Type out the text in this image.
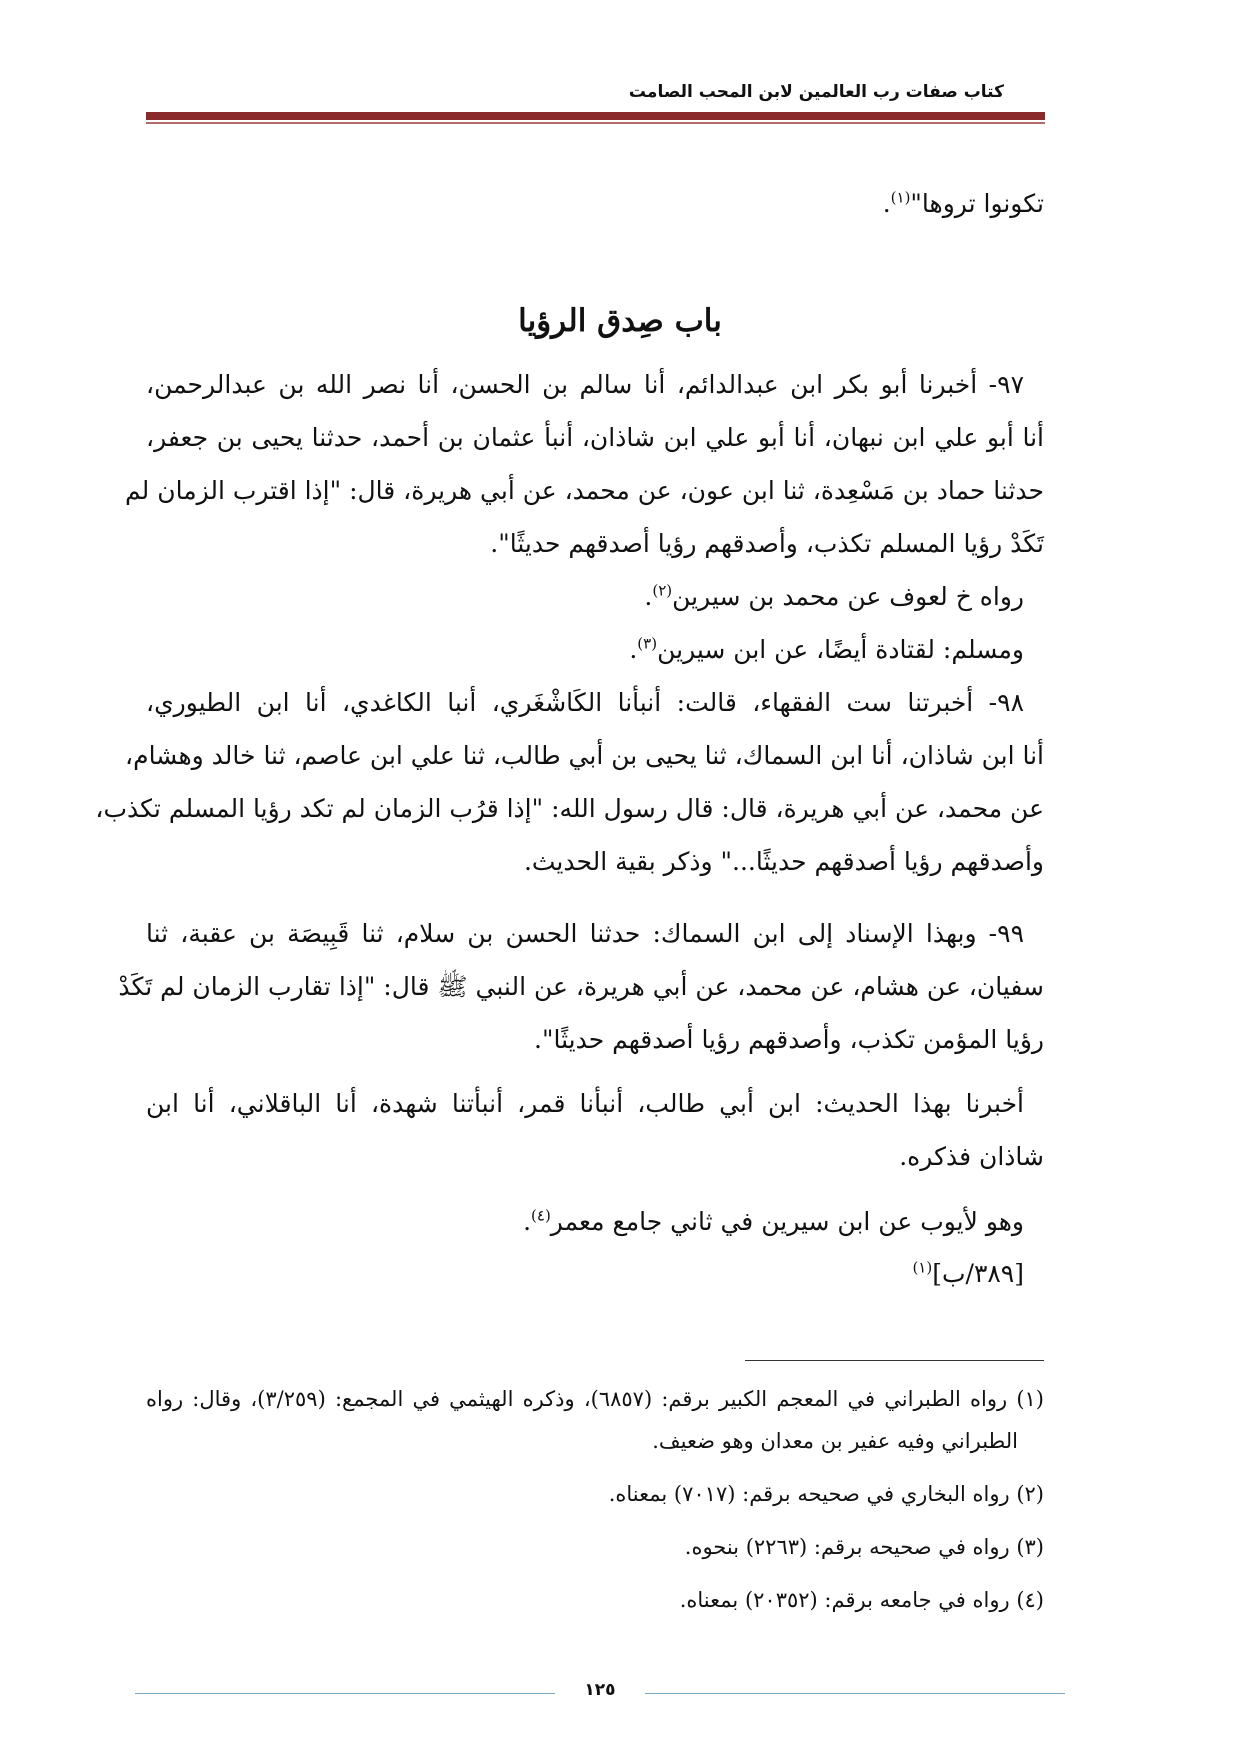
كتاب صفات رب العالمين لابن المحب الصامت
تكونوا تروها"$^{(١)}$.
باب صِدق الرؤيا
٩٧- أخبرنا أبو بكر ابن عبدالدائم، أنا سالم بن الحسن، أنا نصر الله بن عبدالرحمن،
أنا أبو علي ابن نبهان، أنا أبو علي ابن شاذان، أنبأ عثمان بن أحمد، حدثنا يحيى بن جعفر،
حدثنا حماد بن مَسْعِدة، ثنا ابن عون، عن محمد، عن أبي هريرة، قال: "إذا اقترب الزمان لم
تَكَدْ رؤيا المسلم تكذب، وأصدقهم رؤيا أصدقهم حديثًا".
رواه خ لعوف عن محمد بن سيرين$^{(٢)}$.
ومسلم: لقتادة أيضًا، عن ابن سيرين$^{(٣)}$.
٩٨- أخبرتنا ست الفقهاء، قالت: أنبأنا الكَاشْغَري، أنبا الكاغدي، أنا ابن الطيوري،
أنا ابن شاذان، أنا ابن السماك، ثنا يحيى بن أبي طالب، ثنا علي ابن عاصم، ثنا خالد وهشام،
عن محمد، عن أبي هريرة، قال: قال رسول الله: "إذا قرُب الزمان لم تكد رؤيا المسلم تكذب،
وأصدقهم رؤيا أصدقهم حديثًا..." وذكر بقية الحديث.
٩٩- وبهذا الإسناد إلى ابن السماك: حدثنا الحسن بن سلام، ثنا قَبِيصَة بن عقبة، ثنا
سفيان، عن هشام، عن محمد، عن أبي هريرة، عن النبي ﷺ قال: "إذا تقارب الزمان لم تَكَدْ
رؤيا المؤمن تكذب، وأصدقهم رؤيا أصدقهم حديثًا".
أخبرنا بهذا الحديث: ابن أبي طالب، أنبأنا قمر، أنبأتنا شهدة، أنا الباقلاني، أنا ابن
شاذان فذكره.
وهو لأيوب عن ابن سيرين في ثاني جامع معمر$^{(٤)}$.
[٣٨٩/ب]$^{(١)}$
(١) رواه الطبراني في المعجم الكبير برقم: (٦٨٥٧)، وذكره الهيثمي في المجمع: (٣/٢٥٩)، وقال: رواه
الطبراني وفيه عفير بن معدان وهو ضعيف.
(٢) رواه البخاري في صحيحه برقم: (٧٠١٧) بمعناه.
(٣) رواه في صحيحه برقم: (٢٢٦٣) بنحوه.
(٤) رواه في جامعه برقم: (٢٠٣٥٢) بمعناه.
١٢٥
